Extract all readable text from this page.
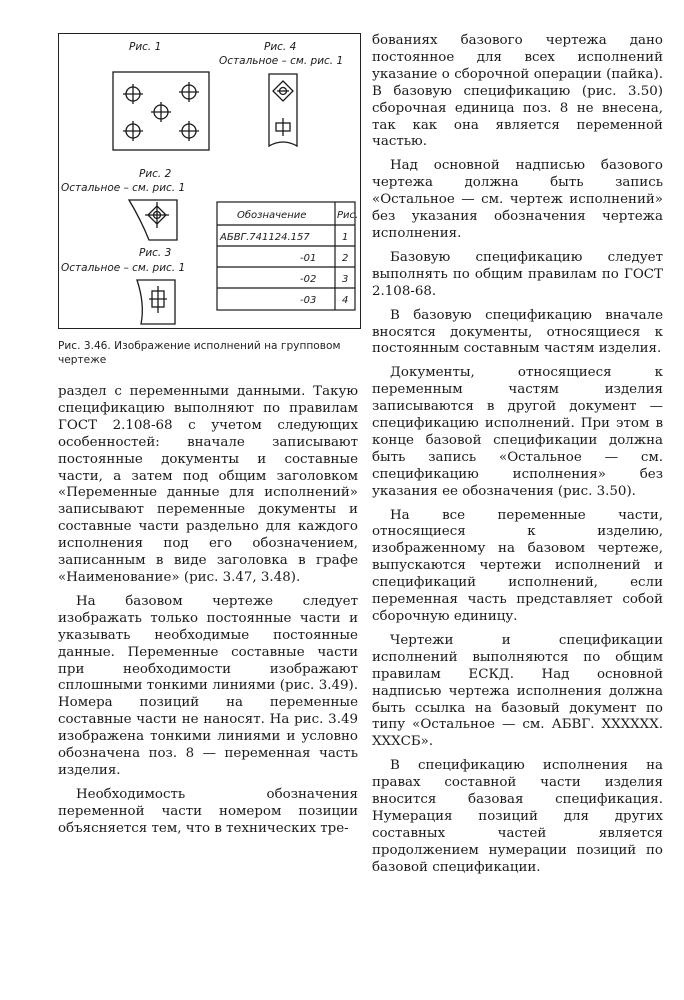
Рис. 1	Рис. 4
Остальное – см. рис. 1
Рис. 2
Остальное – см. рис. 1
Рис. 3
Остальное – см. рис. 1
Обозначение	Рис.
АБВГ.741124.157	1
-01	2
-02	3
-03	4
Рис. 3.46. Изображение исполнений на групповом чертеже

раздел с переменными данными. Такую спецификацию выполняют по правилам ГОСТ 2.108-68 с учетом следующих особенностей: вначале записывают постоянные документы и составные части, а затем под общим заголовком «Переменные данные для исполнений» записывают переменные документы и составные части раздельно для каждого исполнения под его обозначением, записанным в виде заголовка в графе «Наименование» (рис. 3.47, 3.48).

На базовом чертеже следует изображать только постоянные части и указывать необходимые постоянные данные. Переменные составные части при необходимости изображают сплошными тонкими линиями (рис. 3.49). Номера позиций на переменные составные части не наносят. На рис. 3.49 изображена тонкими линиями и условно обозначена поз. 8 — переменная часть изделия.

Необходимость обозначения переменной части номером позиции объясняется тем, что в технических тре-

бованиях базового чертежа дано постоянное для всех исполнений указание о сборочной операции (пайка). В базовую спецификацию (рис. 3.50) сборочная единица поз. 8 не внесена, так как она является переменной частью.

Над основной надписью базового чертежа должна быть запись «Остальное — см. чертеж исполнений» без указания обозначения чертежа исполнения.

Базовую спецификацию следует выполнять по общим правилам по ГОСТ 2.108-68.

В базовую спецификацию вначале вносятся документы, относящиеся к постоянным составным частям изделия.

Документы, относящиеся к переменным частям изделия записываются в другой документ — спецификацию исполнений. При этом в конце базовой спецификации должна быть запись «Остальное — см. спецификацию исполнения» без указания ее обозначения (рис. 3.50).

На все переменные части, относящиеся к изделию, изображенному на базовом чертеже, выпускаются чертежи исполнений и спецификаций исполнений, если переменная часть представляет собой сборочную единицу.

Чертежи и спецификации исполнений выполняются по общим правилам ЕСКД. Над основной надписью чертежа исполнения должна быть ссылка на базовый документ по типу «Остальное — см. АБВГ. XXXXXX. XXXСБ».

В спецификацию исполнения на правах составной части изделия вносится базовая спецификация. Нумерация позиций для других составных частей является продолжением нумерации позиций по базовой спецификации.
